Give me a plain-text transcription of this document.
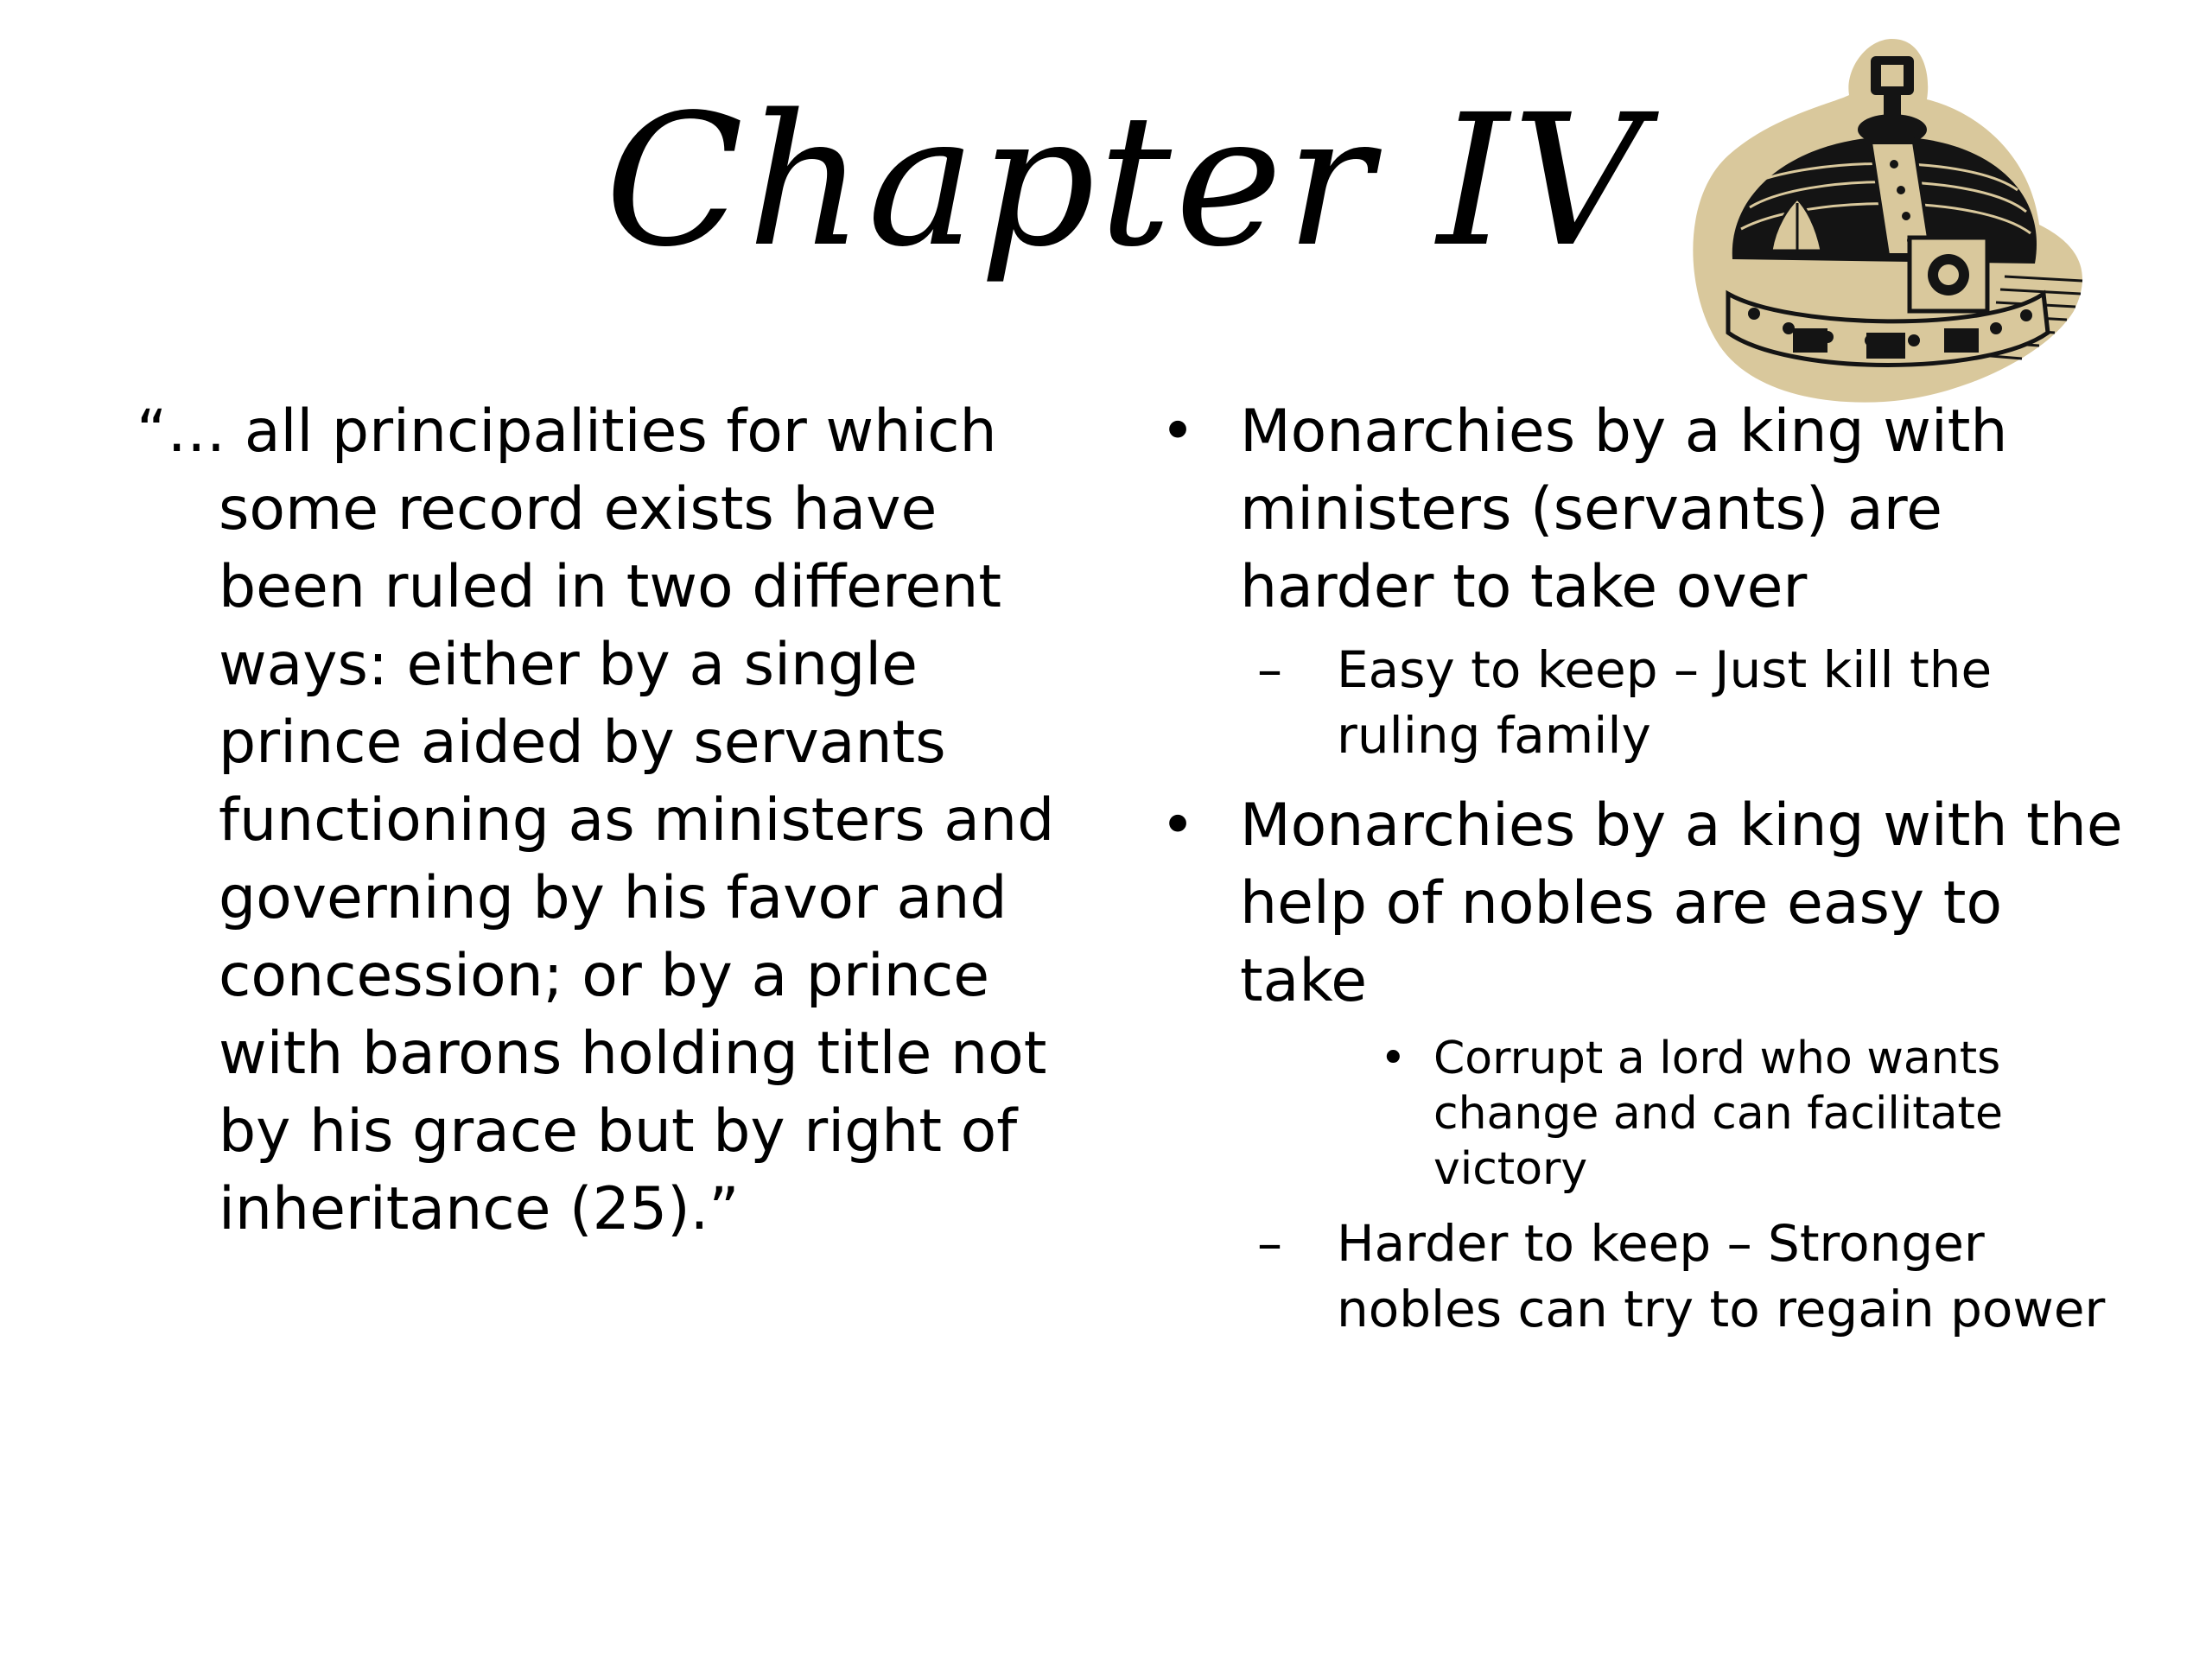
Chapter IV

“… all principalities for which some record exists have been ruled in two different ways: either by a single prince aided by servants functioning as ministers and governing by his favor and concession; or by a prince with barons holding title not by his grace but by right of inheritance (25).”

• Monarchies by a king with ministers (servants) are harder to take over
– Easy to keep – Just kill the ruling family
• Monarchies by a king with the help of nobles are easy to take
• Corrupt a lord who wants change and can facilitate victory
– Harder to keep – Stronger nobles can try to regain power
